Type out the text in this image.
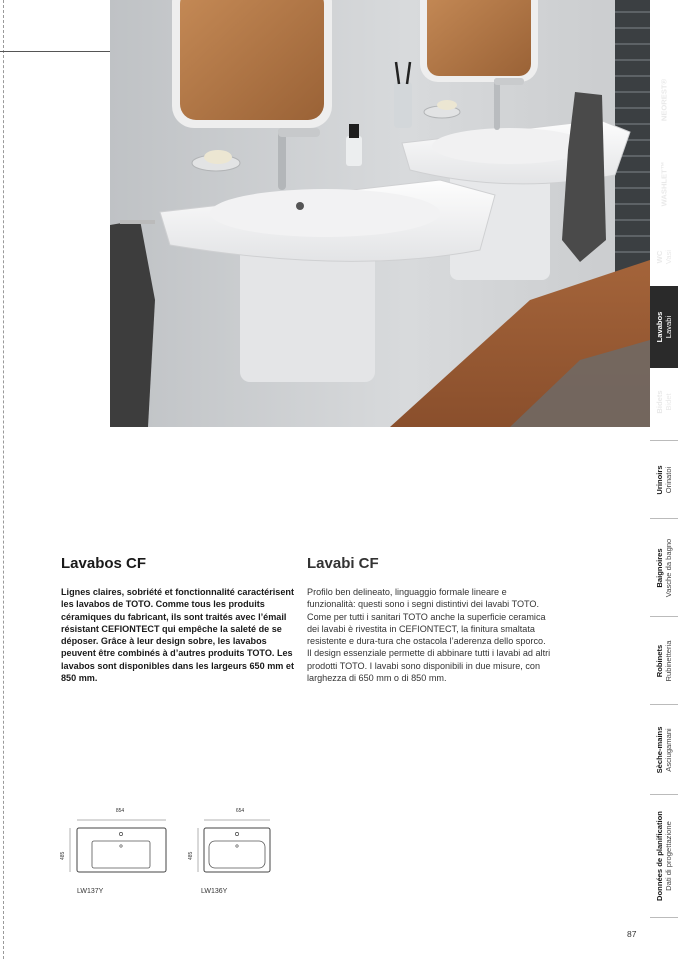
WC Vasi
WASHLET™
NEOREST®
Lavabos Lavabi
Bidets Bidet
Urinoirs Orinatoi
Baignoires Vasche da bagno
Robinets Rubinetteria
Sèche-mains Asciugamani
Données de planification Dati di progettazione
Lavabos CF	Lavabi CF

Lignes claires, sobriété et fonctionnalité caractérisent les lavabos de TOTO. Comme tous les produits céramiques du fabricant, ils sont traités avec l’émail résistant CEFIONTECT qui empêche la saleté de se déposer. Grâce à leur design sobre, les lavabos peuvent être combinés à d’autres produits TOTO. Les lavabos sont disponibles dans les largeurs 650 mm et 850 mm.

Profilo ben delineato, linguaggio formale lineare e funzionalità: questi sono i segni distintivi dei lavabi TOTO. Come per tutti i sanitari TOTO anche la superficie ceramica dei lavabi è rivestita in CEFIONTECT, la finitura smaltata resistente e dura-tura che ostacola l’aderenza dello sporco. Il design essenziale permette di abbinare tutti i lavabi ad altri prodotti TOTO. I lavabi sono disponibili in due misure, con larghezza di 650 mm o di 850 mm.

854
485
LW137Y
654
485
LW136Y
87
